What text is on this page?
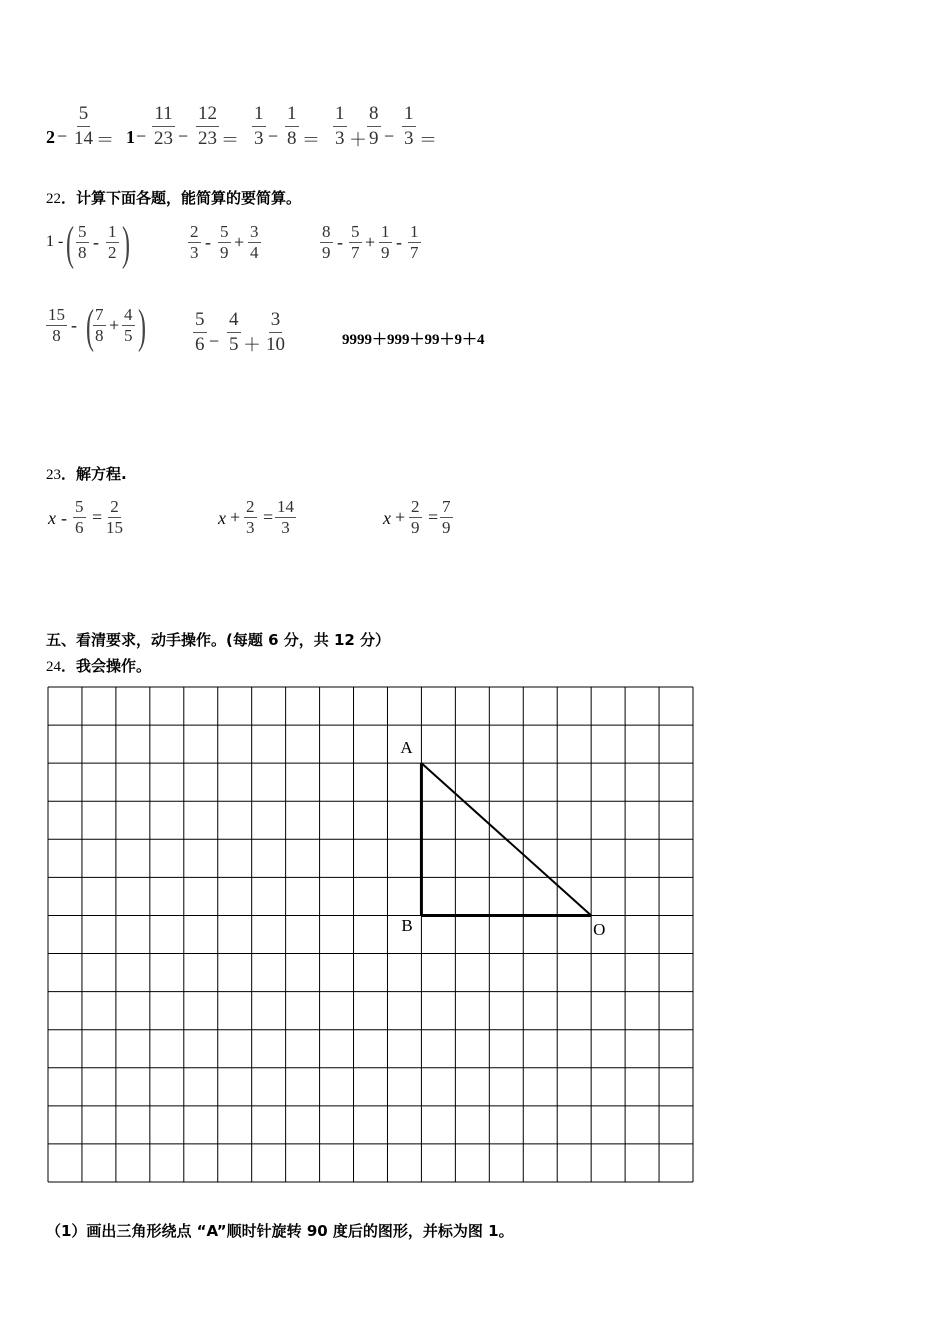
$2 - \frac{5}{14} = 1 - \frac{11}{23} - \frac{12}{23} = \frac{1}{3} - \frac{1}{8} = \frac{1}{3} + \frac{8}{9} - \frac{1}{3}$ ＝
22．计算下面各题，能简算的要简算。
1 - ( $\frac{5}{8} - \frac{1}{2}$ )	$\frac{2}{3} - \frac{5}{9} + \frac{3}{4}$	$\frac{8}{9} - \frac{5}{7} + \frac{1}{9} - \frac{1}{7}$
$\frac{15}{8}$ - ( $\frac{7}{8} + \frac{4}{5}$ ) $\frac{5}{6} - \frac{4}{5} + \frac{3}{10}$	9999＋999＋99＋9＋4
23．解方程.
$x - \frac{5}{6} = \frac{2}{15}$	$x + \frac{2}{3} = \frac{14}{3}$	$x + \frac{2}{9} = \frac{7}{9}$
五、看清要求，动手操作。(每题 6 分，共 12 分）
24．我会操作。
A
B	O
（1）画出三角形绕点 “A”顺时针旋转 90 度后的图形，并标为图 1。
